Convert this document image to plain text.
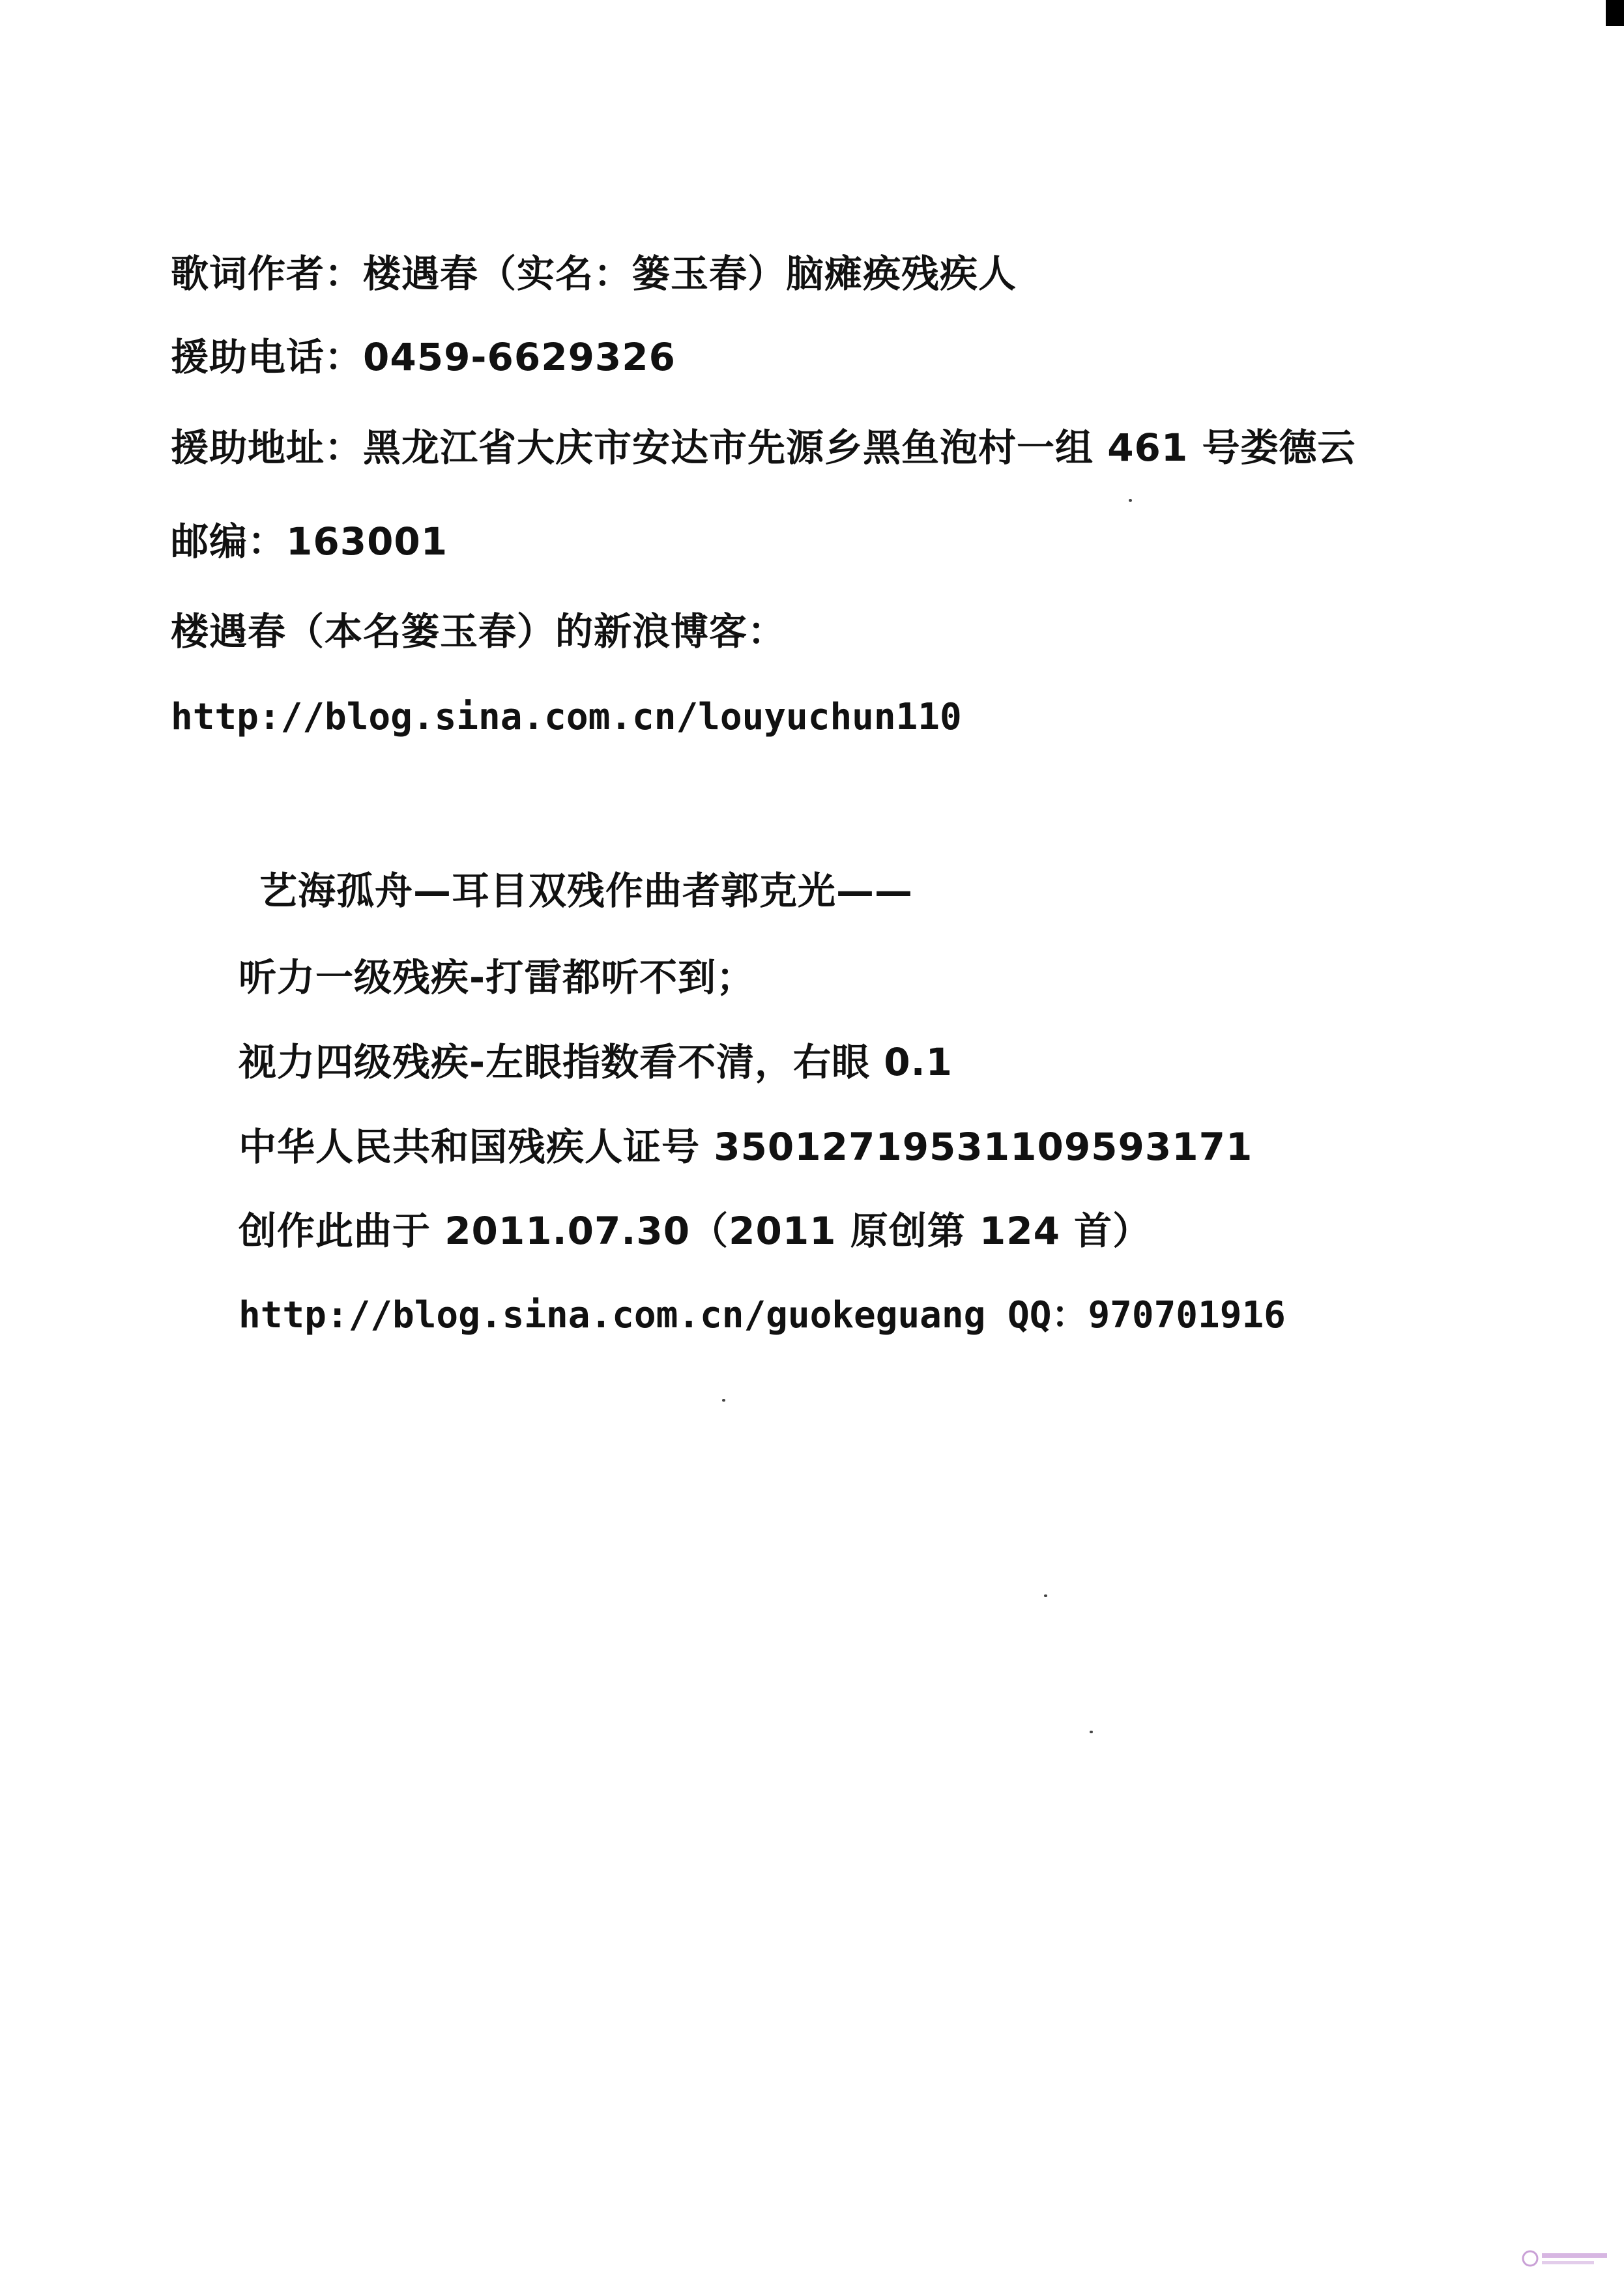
歌词作者：楼遇春（实名：篓玉春）脑瘫痪残疾人
援助电话：0459-6629326
援助地址：黑龙江省大庆市安达市先源乡黑鱼泡村一组 461 号娄德云
邮编：163001
楼遇春（本名篓玉春）的新浪博客：
http://blog.sina.com.cn/louyuchun110
艺海孤舟—耳目双残作曲者郭克光——
听力一级残疾-打雷都听不到；
视力四级残疾-左眼指数看不清，右眼 0.1
中华人民共和国残疾人证号 35012719531109593171
创作此曲于 2011.07.30（2011 原创第 124 首）
http://blog.sina.com.cn/guokeguang QQ：970701916
